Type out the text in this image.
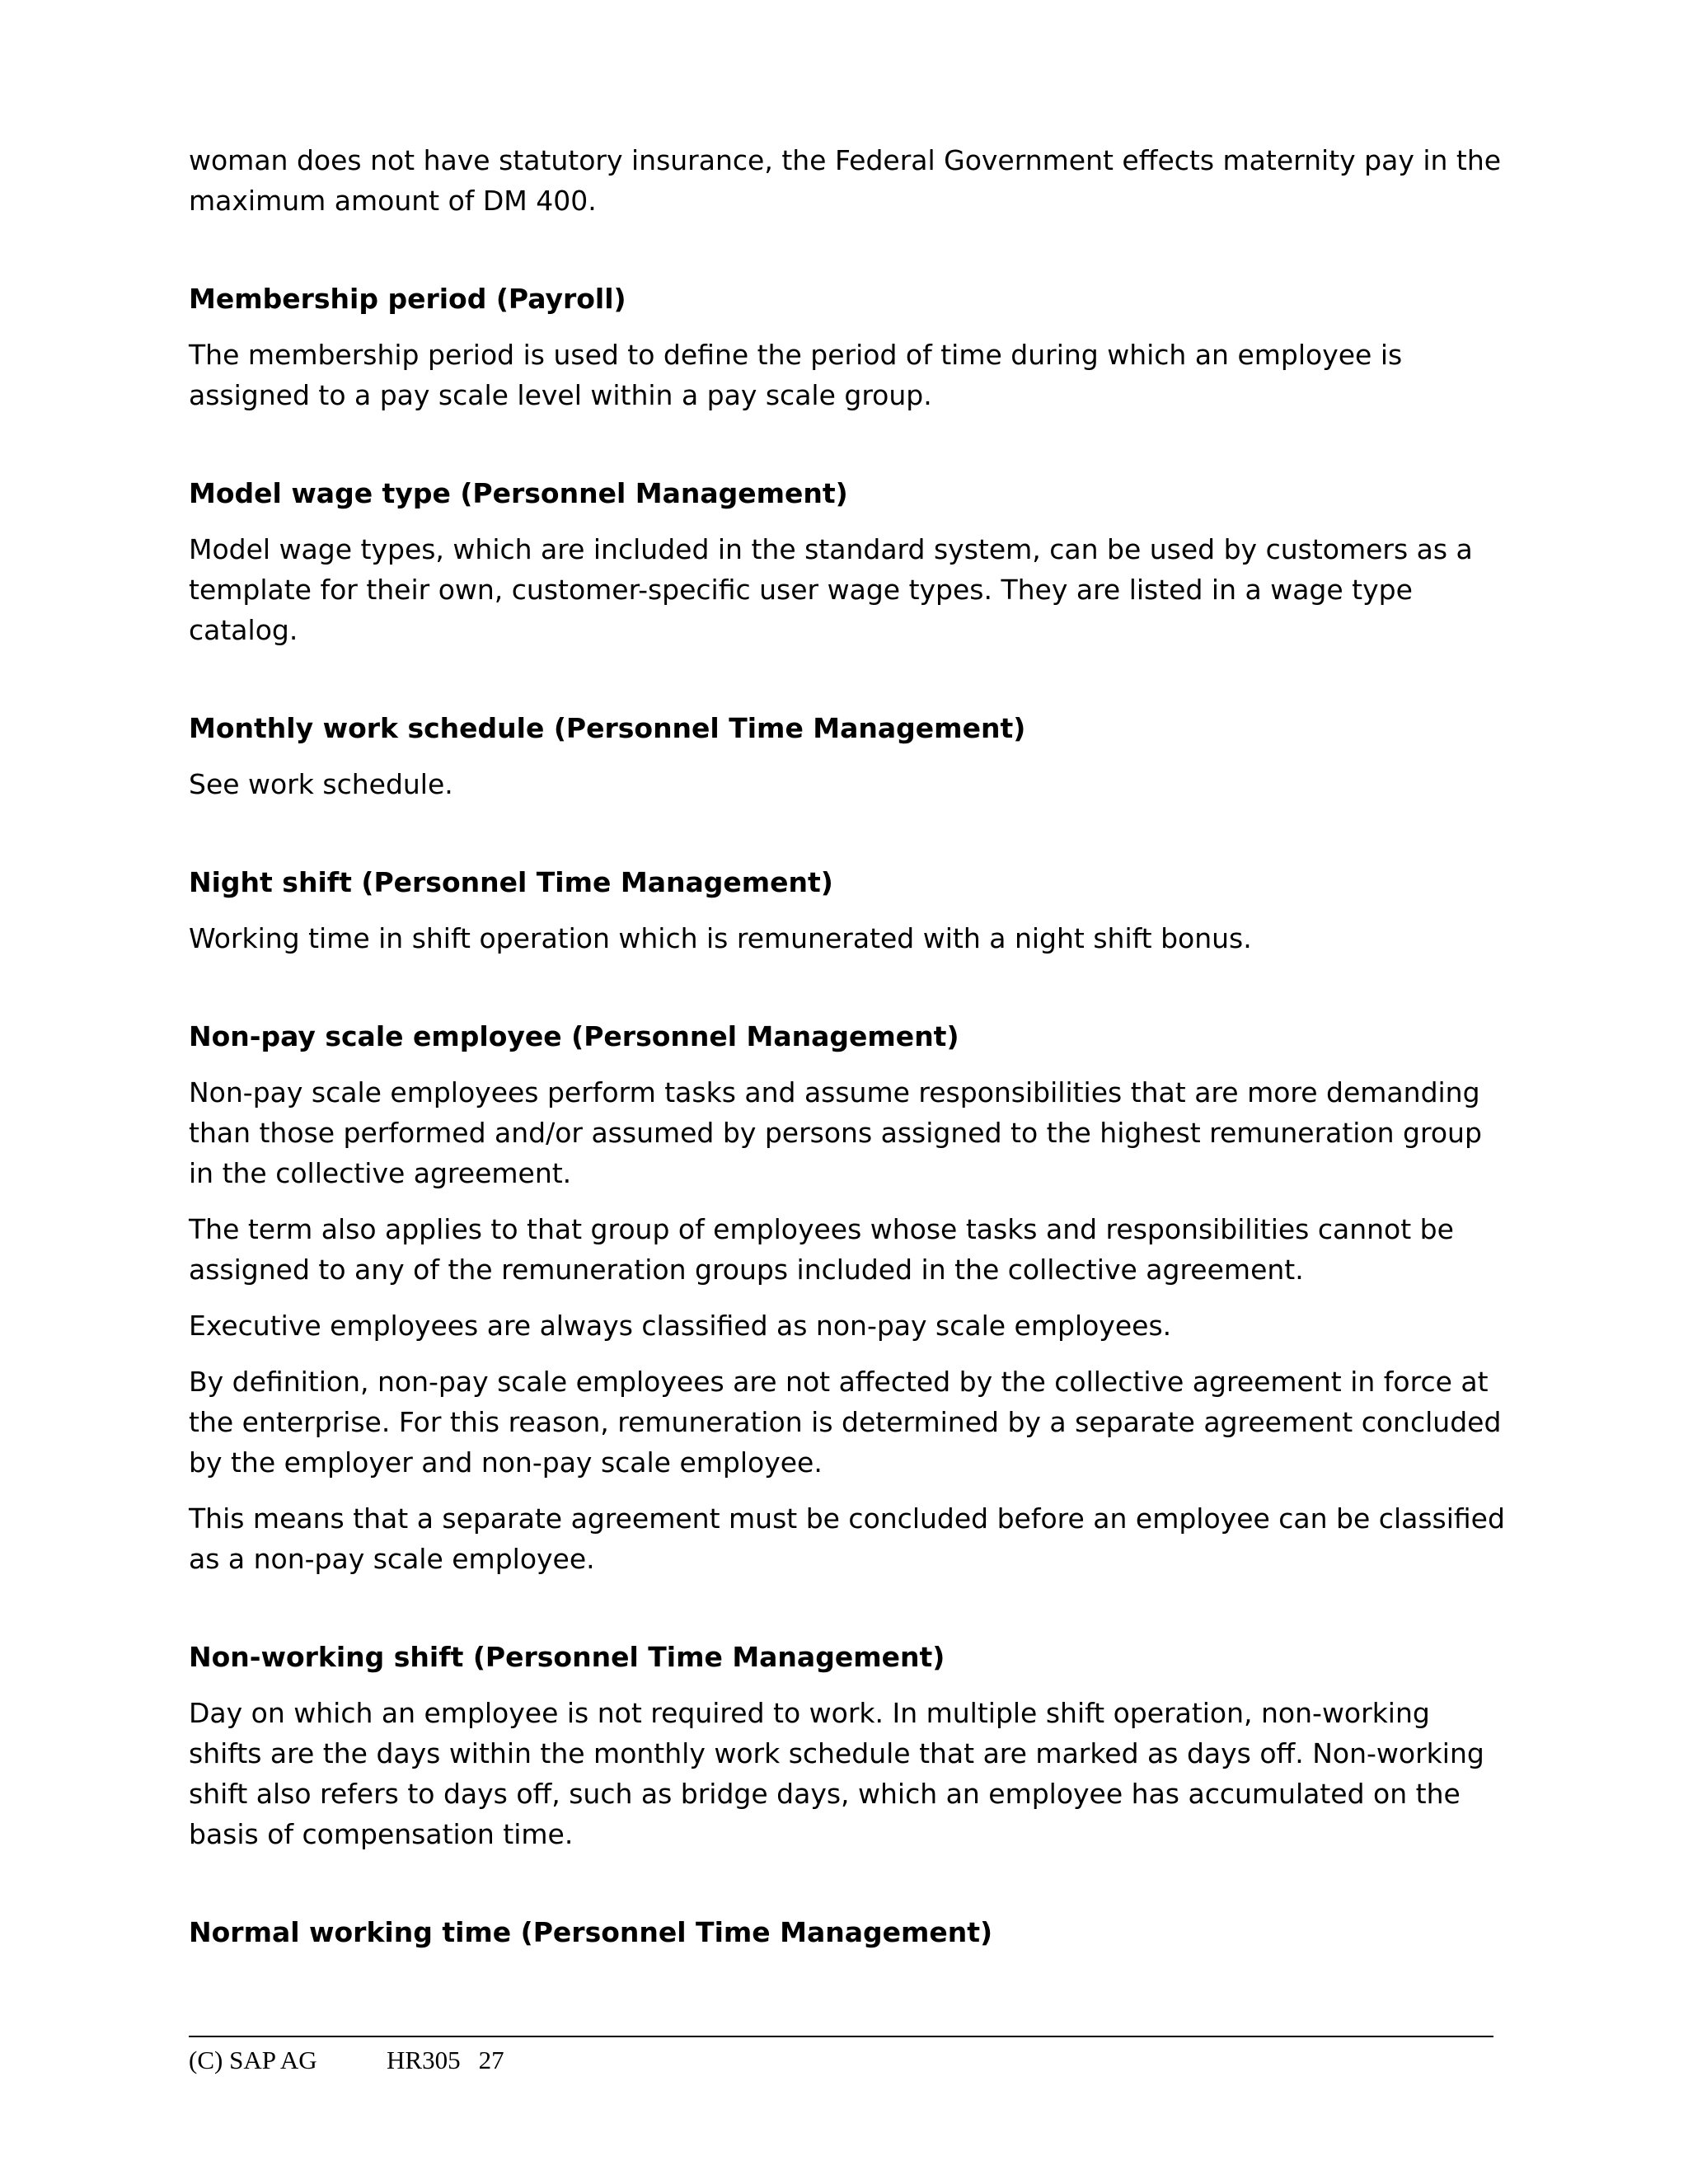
woman does not have statutory insurance, the Federal Government effects maternity pay in the maximum amount of DM 400.

Membership period (Payroll)

The membership period is used to define the period of time during which an employee is assigned to a pay scale level within a pay scale group.

Model wage type (Personnel Management)

Model wage types, which are included in the standard system, can be used by customers as a template for their own, customer-specific user wage types. They are listed in a wage type catalog.

Monthly work schedule (Personnel Time Management)

See work schedule.

Night shift (Personnel Time Management)

Working time in shift operation which is remunerated with a night shift bonus.

Non-pay scale employee (Personnel Management)

Non-pay scale employees perform tasks and assume responsibilities that are more demanding than those performed and/or assumed by persons assigned to the highest remuneration group in the collective agreement.

The term also applies to that group of employees whose tasks and responsibilities cannot be assigned to any of the remuneration groups included in the collective agreement.

Executive employees are always classified as non-pay scale employees.

By definition, non-pay scale employees are not affected by the collective agreement in force at the enterprise. For this reason, remuneration is determined by a separate agreement concluded by the employer and non-pay scale employee.

This means that a separate agreement must be concluded before an employee can be classified as a non-pay scale employee.

Non-working shift (Personnel Time Management)

Day on which an employee is not required to work. In multiple shift operation, non-working shifts are the days within the monthly work schedule that are marked as days off. Non-working shift also refers to days off, such as bridge days, which an employee has accumulated on the basis of compensation time.

Normal working time (Personnel Time Management)
(C) SAP AG	HR305 27
